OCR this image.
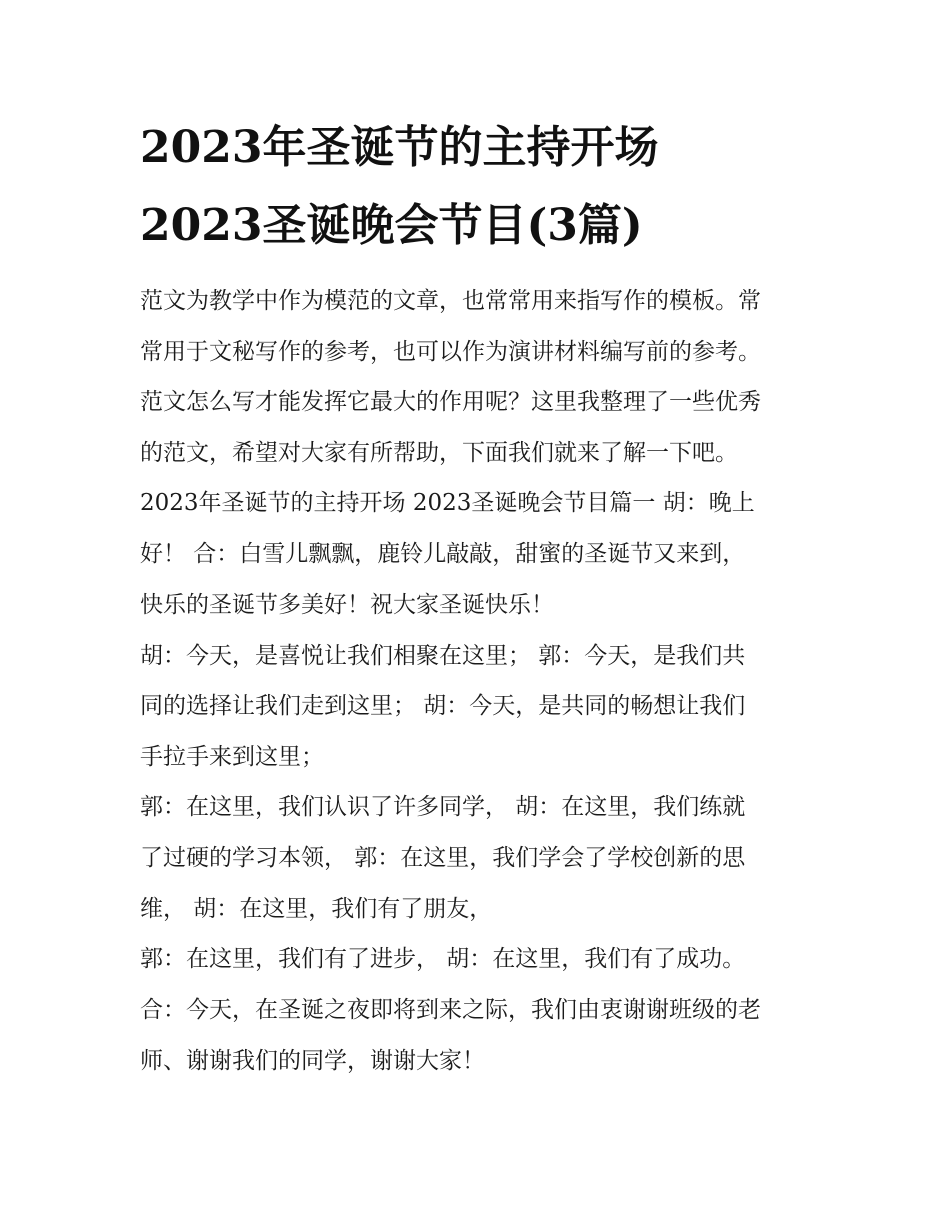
2023年圣诞节的主持开场
2023圣诞晚会节目(3篇)
范文为教学中作为模范的文章，也常常用来指写作的模板。常
常用于文秘写作的参考，也可以作为演讲材料编写前的参考。
范文怎么写才能发挥它最大的作用呢？这里我整理了一些优秀
的范文，希望对大家有所帮助，下面我们就来了解一下吧。
2023年圣诞节的主持开场 2023圣诞晚会节目篇一 胡：晚上
好！ 合：白雪儿飘飘，鹿铃儿敲敲，甜蜜的圣诞节又来到，
快乐的圣诞节多美好！祝大家圣诞快乐！
胡：今天，是喜悦让我们相聚在这里； 郭：今天，是我们共
同的选择让我们走到这里； 胡：今天，是共同的畅想让我们
手拉手来到这里；
郭：在这里，我们认识了许多同学， 胡：在这里，我们练就
了过硬的学习本领， 郭：在这里，我们学会了学校创新的思
维， 胡：在这里，我们有了朋友，
郭：在这里，我们有了进步， 胡：在这里，我们有了成功。
合：今天，在圣诞之夜即将到来之际，我们由衷谢谢班级的老
师、谢谢我们的同学，谢谢大家！
